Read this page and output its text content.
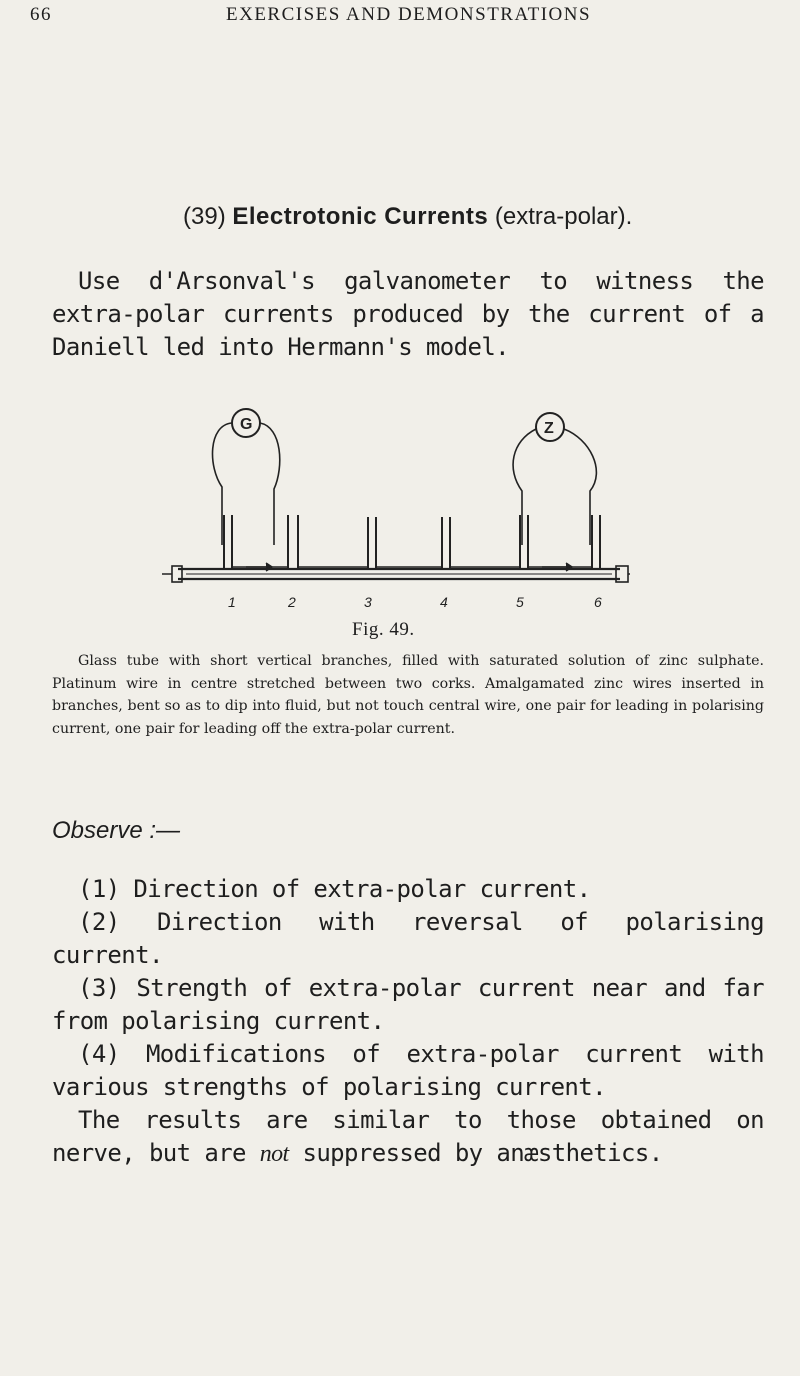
66	EXERCISES AND DEMONSTRATIONS
(39) Electrotonic Currents (extra-polar).

Use d'Arsonval's galvanometer to witness the extra-polar currents produced by the current of a Daniell led into Hermann's model.

G	Z
1	2	3	4	5	6
Fig. 49.

Glass tube with short vertical branches, filled with saturated solution of zinc sulphate. Platinum wire in centre stretched between two corks. Amalgamated zinc wires inserted in branches, bent so as to dip into fluid, but not touch central wire, one pair for leading in polarising current, one pair for leading off the extra-polar current.

Observe :—

(1) Direction of extra-polar current.

(2) Direction with reversal of polarising current.

(3) Strength of extra-polar current near and far from polarising current.

(4) Modifications of extra-polar current with various strengths of polarising current.

The results are similar to those obtained on nerve, but are not suppressed by anæsthetics.
